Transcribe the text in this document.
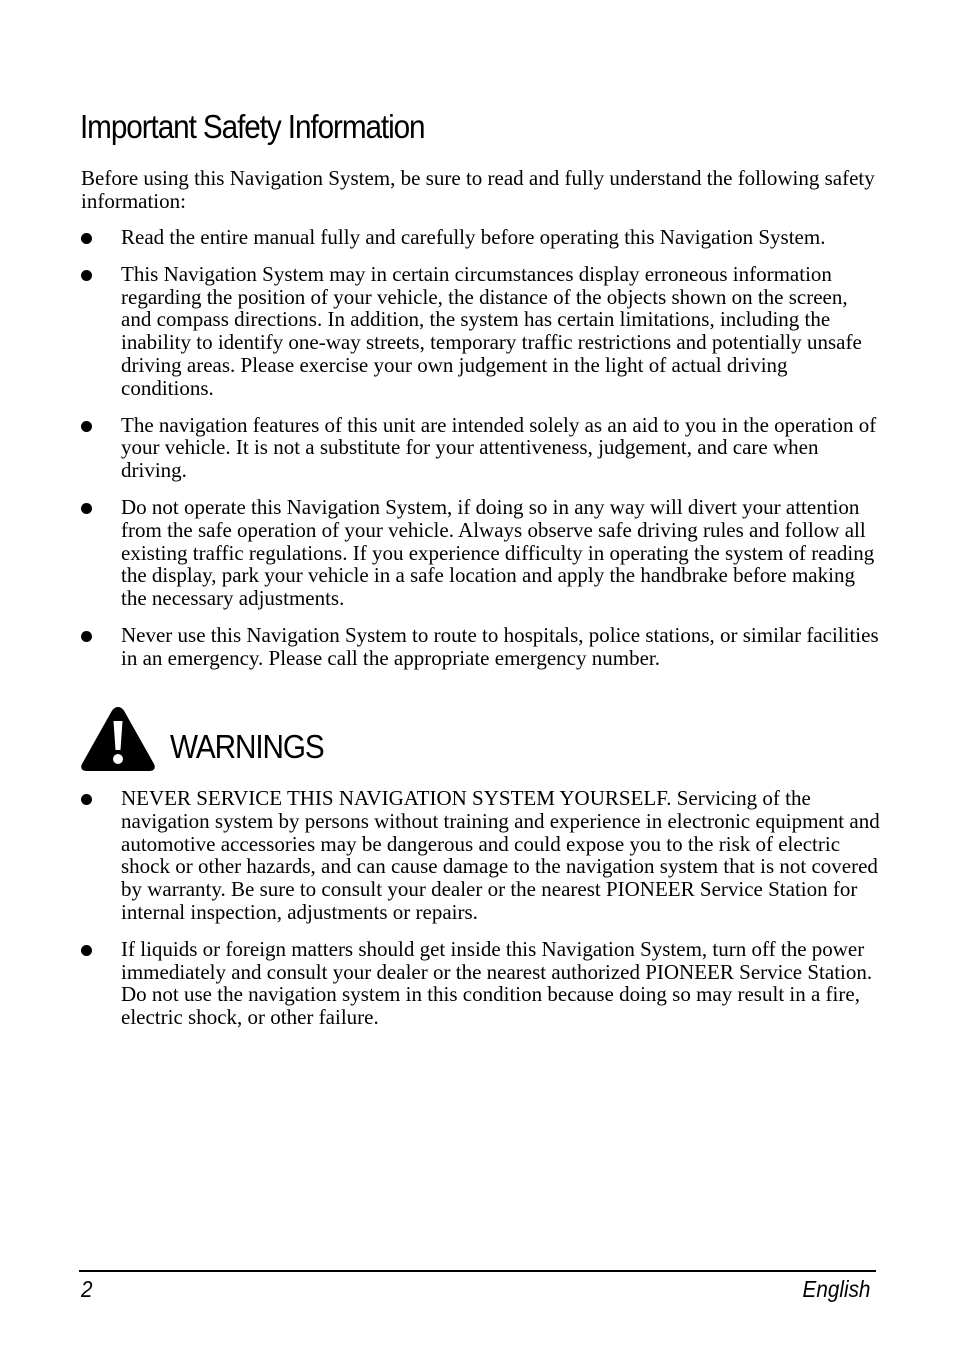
Important Safety Information

Before using this Navigation System, be sure to read and fully understand the following safety information:

Read the entire manual fully and carefully before operating this Navigation System.
This Navigation System may in certain circumstances display erroneous information regarding the position of your vehicle, the distance of the objects shown on the screen, and compass directions. In addition, the system has certain limitations, including the inability to identify one-way streets, temporary traffic restrictions and potentially unsafe driving areas. Please exercise your own judgement in the light of actual driving conditions.
The navigation features of this unit are intended solely as an aid to you in the operation of your vehicle. It is not a substitute for your attentiveness, judgement, and care when driving.
Do not operate this Navigation System, if doing so in any way will divert your attention from the safe operation of your vehicle. Always observe safe driving rules and follow all existing traffic regulations. If you experience difficulty in operating the system of reading the display, park your vehicle in a safe location and apply the handbrake before making the necessary adjustments.
Never use this Navigation System to route to hospitals, police stations, or similar facilities in an emergency. Please call the appropriate emergency number.
WARNINGS
NEVER SERVICE THIS NAVIGATION SYSTEM YOURSELF. Servicing of the navigation system by persons without training and experience in electronic equipment and automotive accessories may be dangerous and could expose you to the risk of electric shock or other hazards, and can cause damage to the navigation system that is not covered by warranty. Be sure to consult your dealer or the nearest PIONEER Service Station for internal inspection, adjustments or repairs.
If liquids or foreign matters should get inside this Navigation System, turn off the power immediately and consult your dealer or the nearest authorized PIONEER Service Station. Do not use the navigation system in this condition because doing so may result in a fire, electric shock, or other failure.
2	English
